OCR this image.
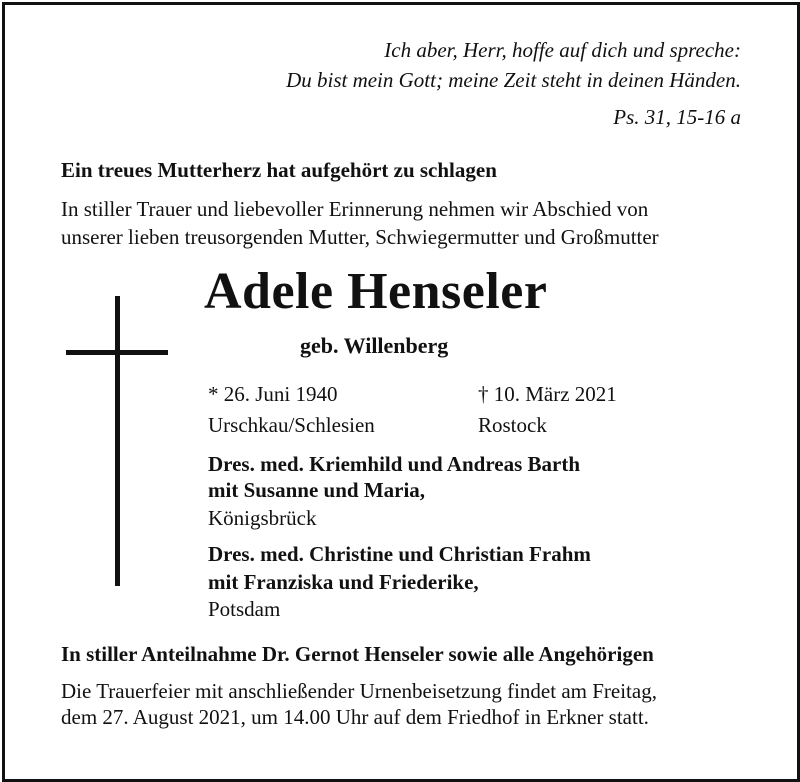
Ich aber, Herr, hoffe auf dich und spreche:
Du bist mein Gott; meine Zeit steht in deinen Händen.
Ps. 31, 15-16 a
Ein treues Mutterherz hat aufgehört zu schlagen
In stiller Trauer und liebevoller Erinnerung nehmen wir Abschied von
unserer lieben treusorgenden Mutter, Schwiegermutter und Großmutter
Adele Henseler
geb. Willenberg
* 26. Juni 1940	† 10. März 2021
Urschkau/Schlesien	Rostock
Dres. med. Kriemhild und Andreas Barth
mit Susanne und Maria,
Königsbrück
Dres. med. Christine und Christian Frahm
mit Franziska und Friederike,
Potsdam
In stiller Anteilnahme Dr. Gernot Henseler sowie alle Angehörigen
Die Trauerfeier mit anschließender Urnenbeisetzung findet am Freitag,
dem 27. August 2021, um 14.00 Uhr auf dem Friedhof in Erkner statt.
